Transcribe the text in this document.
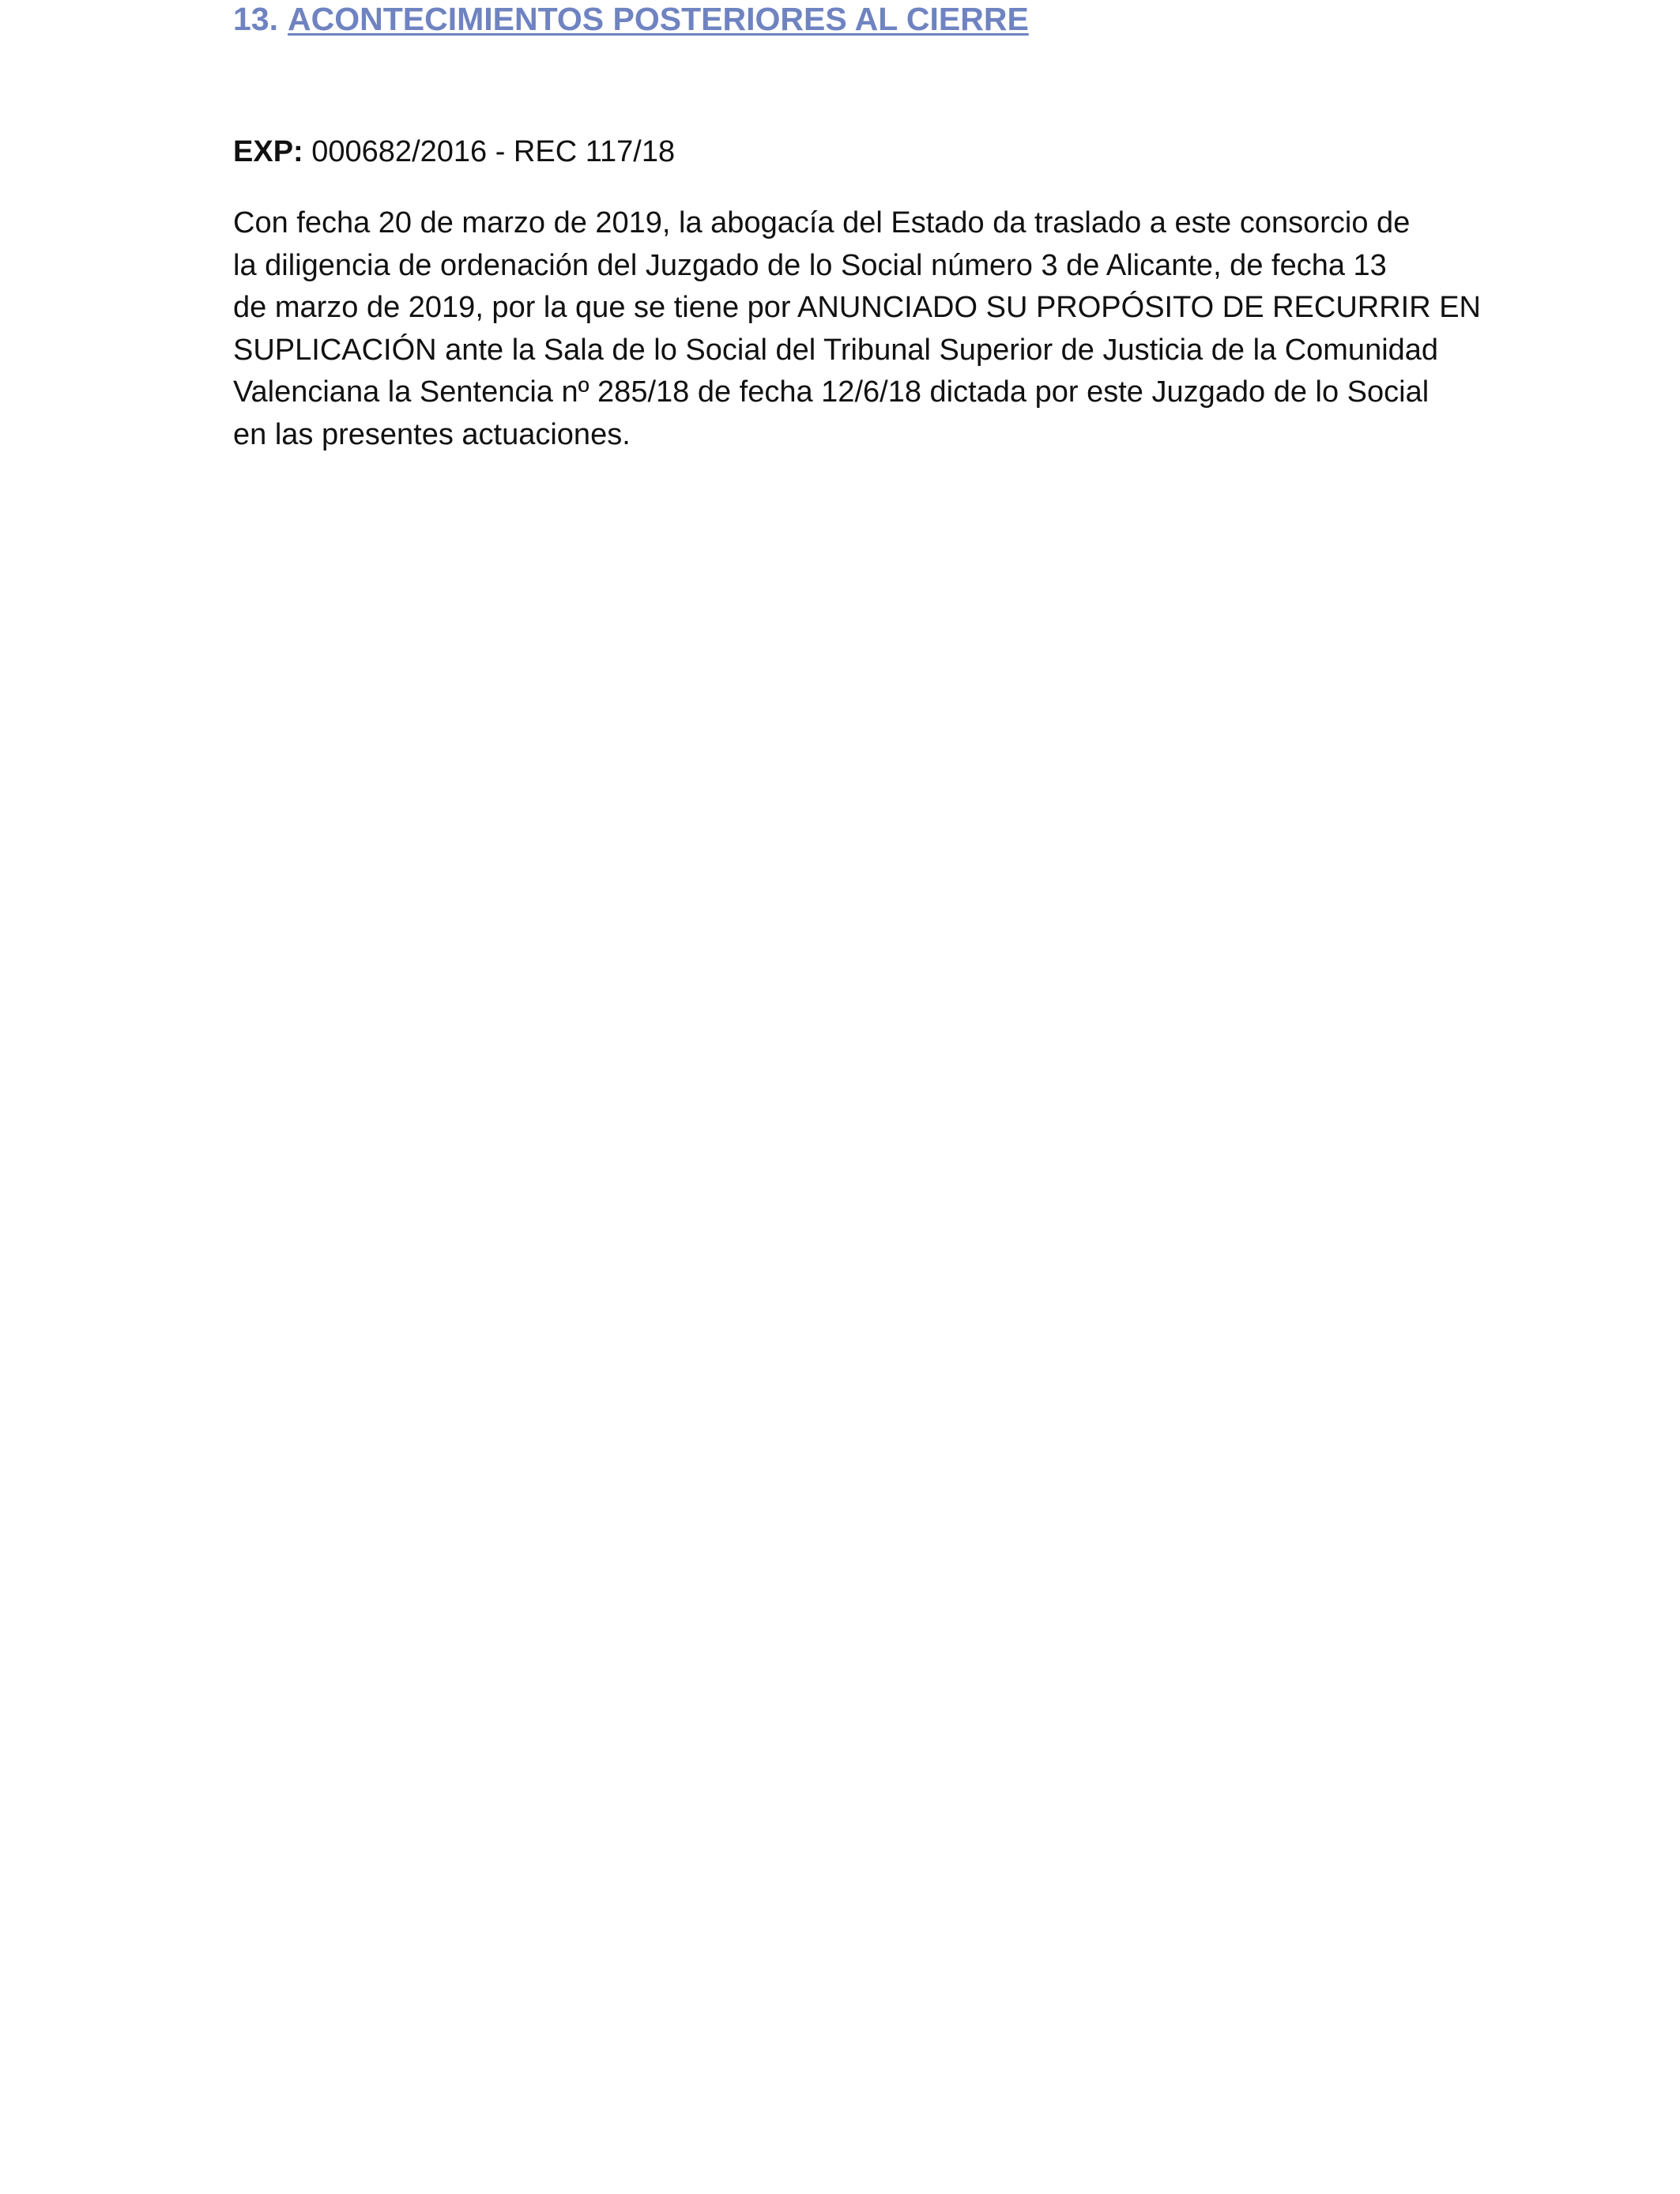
13. ACONTECIMIENTOS POSTERIORES AL CIERRE

EXP: 000682/2016 - REC 117/18

Con fecha 20 de marzo de 2019, la abogacía del Estado da traslado a este consorcio de
la diligencia de ordenación del Juzgado de lo Social número 3 de Alicante, de fecha 13
de marzo de 2019, por la que se tiene por ANUNCIADO SU PROPÓSITO DE RECURRIR EN
SUPLICACIÓN ante la Sala de lo Social del Tribunal Superior de Justicia de la Comunidad
Valenciana la Sentencia nº 285/18 de fecha 12/6/18 dictada por este Juzgado de lo Social
en las presentes actuaciones.
